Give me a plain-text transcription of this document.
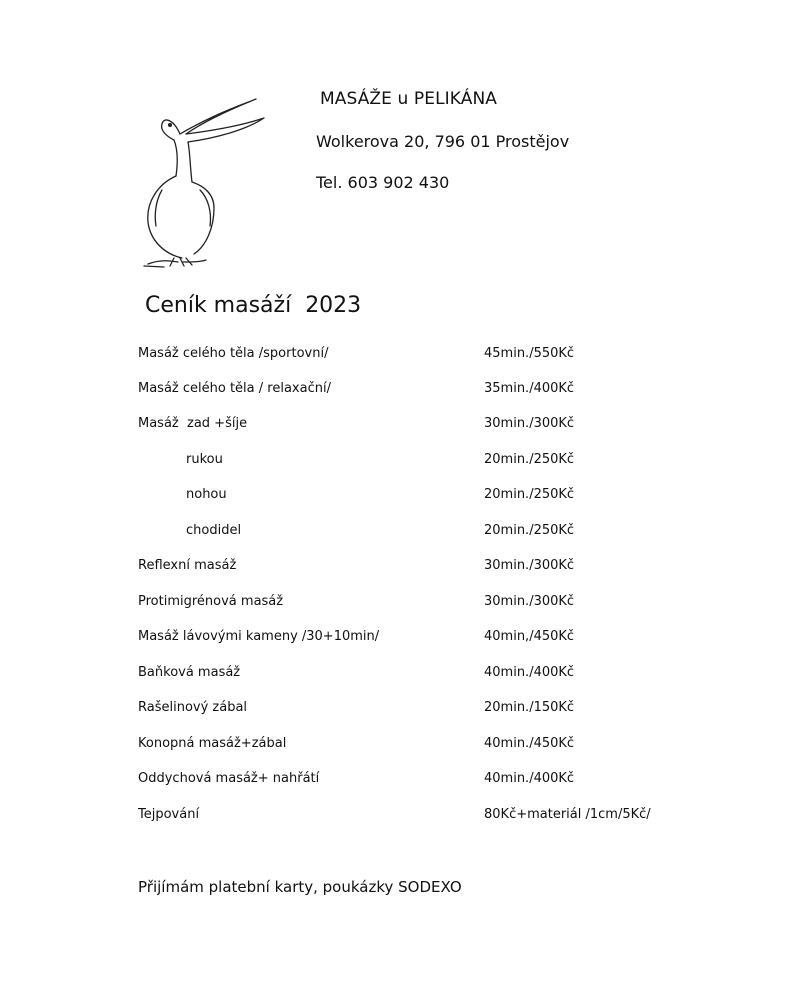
MASÁŽE u PELIKÁNA
Wolkerova 20, 796 01 Prostějov
Tel. 603 902 430
Ceník masáží  2023
Masáž celého těla /sportovní/	45min./550Kč
Masáž celého těla / relaxační/	35min./400Kč
Masáž  zad +šíje	30min./300Kč
rukou	20min./250Kč
nohou	20min./250Kč
chodidel	20min./250Kč
Reflexní masáž	30min./300Kč
Protimigrénová masáž	30min./300Kč
Masáž lávovými kameny /30+10min/	40min,/450Kč
Baňková masáž	40min./400Kč
Rašelinový zábal	20min./150Kč
Konopná masáž+zábal	40min./450Kč
Oddychová masáž+ nahřátí	40min./400Kč
Tejpování	80Kč+materiál /1cm/5Kč/
Přijímám platební karty, poukázky SODEXO
